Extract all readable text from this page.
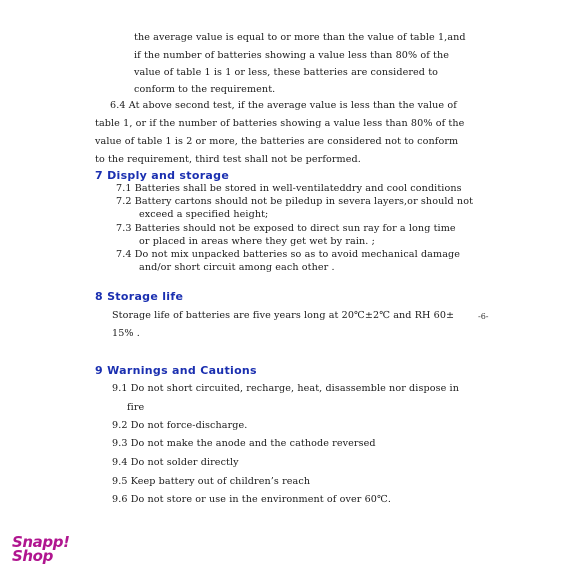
the average value is equal to or more than the value of table 1,and
if the number of batteries showing a value less than 80% of the
value of table 1 is 1 or less, these batteries are considered to
conform to the requirement.
6.4 At above second test, if the average value is less than the value of
table 1, or if the number of batteries showing a value less than 80% of the
value of table 1 is 2 or more, the batteries are considered not to conform
to the requirement, third test shall not be performed.
7 Disply and storage
7.1 Batteries shall be stored in well-ventilateddry and cool conditions
7.2 Battery cartons should not be piledup in severa layers,or should not
exceed a specified height;
7.3 Batteries should not be exposed to direct sun ray for a long time
or placed in areas where they get wet by rain. ;
7.4 Do not mix unpacked batteries so as to avoid mechanical damage
and/or short circuit among each other .
8 Storage life
Storage life of batteries are five years long at 20℃±2℃ and RH 60±
15% .
-6-
9 Warnings and Cautions
9.1 Do not short circuited, recharge, heat, disassemble nor dispose in
fire
9.2 Do not force-discharge.
9.3 Do not make the anode and the cathode reversed
9.4 Do not solder directly
9.5 Keep battery out of children’s reach
9.6 Do not store or use in the environment of over 60℃.
Snapp!
Shop
